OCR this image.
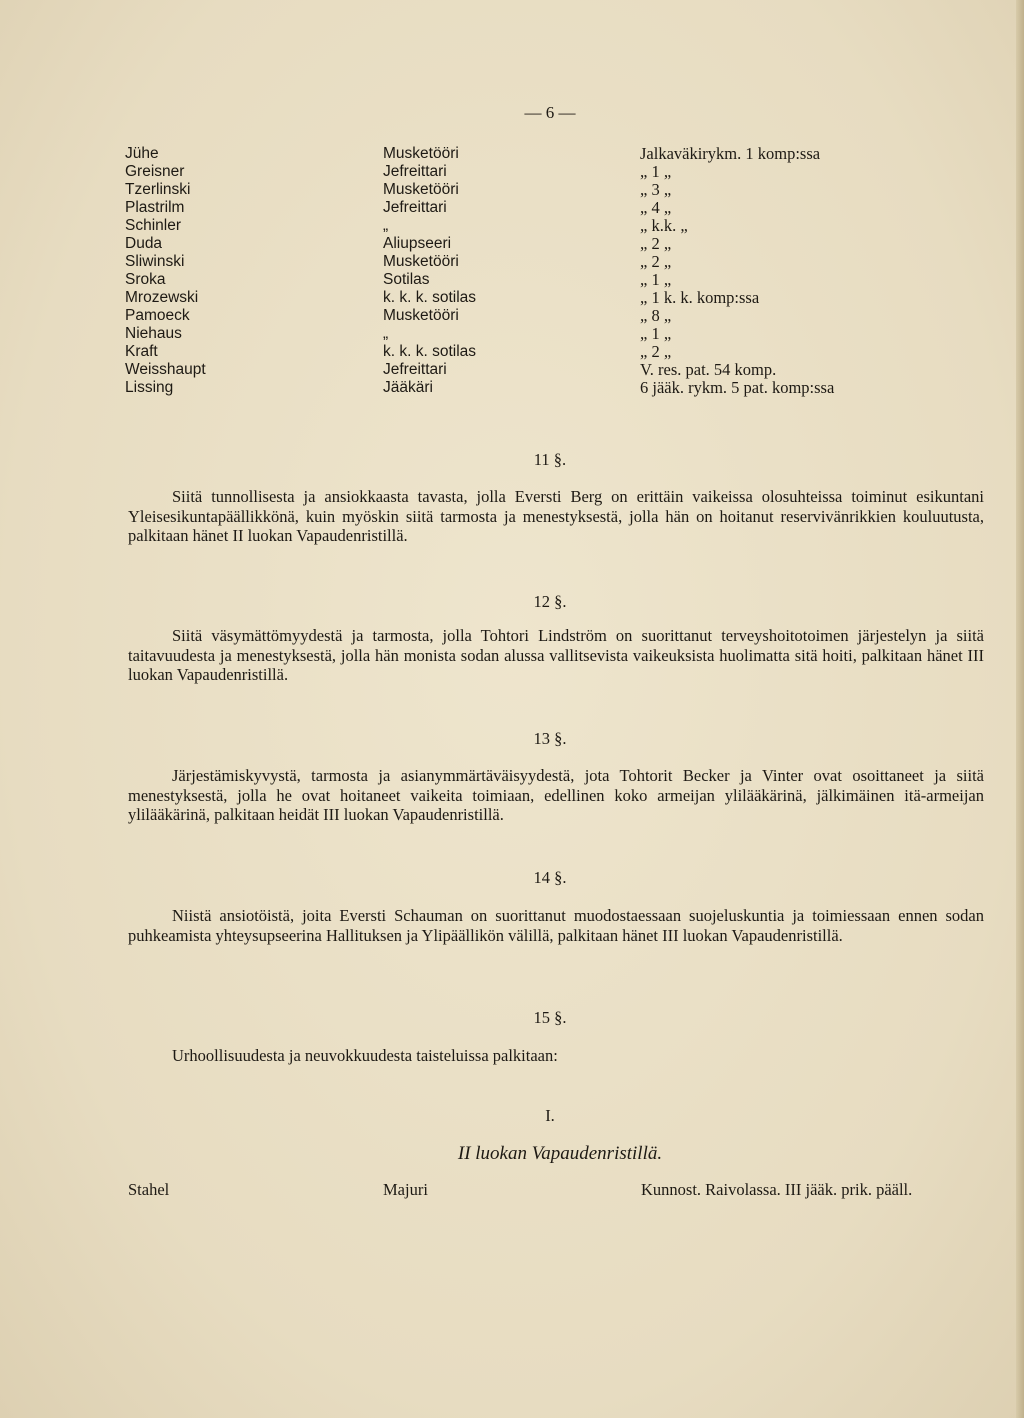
— 6 —
Jühe	Musketööri	Jalkaväkirykm. 1 komp:ssa
Greisner	Jefreittari	„ 1 „
Tzerlinski	Musketööri	„ 3 „
Plastrilm	Jefreittari	„ 4 „
Schinler	„	„ k.k. „
Duda	Aliupseeri	„ 2 „
Sliwinski	Musketööri	„ 2 „
Sroka	Sotilas	„ 1 „
Mrozewski	k. k. k. sotilas	„ 1 k. k. komp:ssa
Pamoeck	Musketööri	„ 8 „
Niehaus	„	„ 1 „
Kraft	k. k. k. sotilas	„ 2 „
Weisshaupt	Jefreittari	V. res. pat. 54 komp.
Lissing	Jääkäri	6 jääk. rykm. 5 pat. komp:ssa
11 §.
Siitä tunnollisesta ja ansiokkaasta tavasta, jolla Eversti Berg on erittäin vaikeissa olosuhteissa toiminut esikuntani Yleisesikuntapäällikkönä, kuin myöskin siitä tarmosta ja menestyksestä, jolla hän on hoitanut reservivänrikkien kouluutusta, palkitaan hänet II luokan Vapaudenristillä.
12 §.
Siitä väsymättömyydestä ja tarmosta, jolla Tohtori Lindström on suorittanut terveyshoitotoimen järjestelyn ja siitä taitavuudesta ja menestyksestä, jolla hän monista sodan alussa vallitsevista vaikeuksista huolimatta sitä hoiti, palkitaan hänet III luokan Vapaudenristillä.
13 §.
Järjestämiskyvystä, tarmosta ja asianymmärtäväisyydestä, jota Tohtorit Becker ja Vinter ovat osoittaneet ja siitä menestyksestä, jolla he ovat hoitaneet vaikeita toimiaan, edellinen koko armeijan ylilääkärinä, jälkimäinen itä-armeijan ylilääkärinä, palkitaan heidät III luokan Vapaudenristillä.
14 §.
Niistä ansiotöistä, joita Eversti Schauman on suorittanut muodostaessaan suojeluskuntia ja toimiessaan ennen sodan puhkeamista yhteysupseerina Hallituksen ja Ylipäällikön välillä, palkitaan hänet III luokan Vapaudenristillä.
15 §.
Urhoollisuudesta ja neuvokkuudesta taisteluissa palkitaan:
I.
II luokan Vapaudenristillä.
Stahel	Majuri	Kunnost. Raivolassa. III jääk. prik. pääll.
